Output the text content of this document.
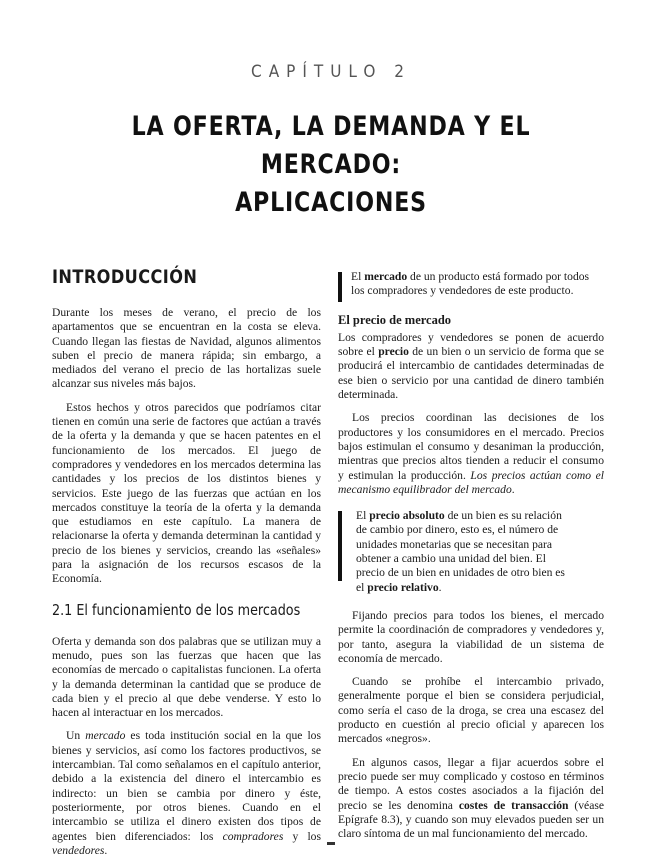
CAPÍTULO 2
LA OFERTA, LA DEMANDA Y EL MERCADO:
APLICACIONES
INTRODUCCIÓN

Durante los meses de verano, el precio de los apartamentos que se encuentran en la costa se eleva. Cuando llegan las fiestas de Navidad, algunos alimentos suben el precio de manera rápida; sin embargo, a mediados del verano el precio de las hortalizas suele alcanzar sus niveles más bajos.

Estos hechos y otros parecidos que podríamos citar tienen en común una serie de factores que actúan a través de la oferta y la demanda y que se hacen patentes en el funcionamiento de los mercados. El juego de compradores y vendedores en los mercados determina las cantidades y los precios de los distintos bienes y servicios. Este juego de las fuerzas que actúan en los mercados constituye la teoría de la oferta y la demanda que estudiamos en este capítulo. La manera de relacionarse la oferta y demanda determinan la cantidad y precio de los bienes y servicios, creando las «señales» para la asignación de los recursos escasos de la Economía.

2.1 El funcionamiento de los mercados

Oferta y demanda son dos palabras que se utilizan muy a menudo, pues son las fuerzas que hacen que las economías de mercado o capitalistas funcionen. La oferta y la demanda determinan la cantidad que se produce de cada bien y el precio al que debe venderse. Y esto lo hacen al interactuar en los mercados.

Un mercado es toda institución social en la que los bienes y servicios, así como los factores productivos, se intercambian. Tal como señalamos en el capítulo anterior, debido a la existencia del dinero el intercambio es indirecto: un bien se cambia por dinero y éste, posteriormente, por otros bienes. Cuando en el intercambio se utiliza el dinero existen dos tipos de agentes bien diferenciados: los compradores y los vendedores.

El mercado de un producto está formado por todos los compradores y vendedores de este producto.

El precio de mercado

Los compradores y vendedores se ponen de acuerdo sobre el precio de un bien o un servicio de forma que se producirá el intercambio de cantidades determinadas de ese bien o servicio por una cantidad de dinero también determinada.

Los precios coordinan las decisiones de los productores y los consumidores en el mercado. Precios bajos estimulan el consumo y desaniman la producción, mientras que precios altos tienden a reducir el consumo y estimulan la producción. Los precios actúan como el mecanismo equilibrador del mercado.

El precio absoluto de un bien es su relación de cambio por dinero, esto es, el número de unidades monetarias que se necesitan para obtener a cambio una unidad del bien. El precio de un bien en unidades de otro bien es el precio relativo.

Fijando precios para todos los bienes, el mercado permite la coordinación de compradores y vendedores y, por tanto, asegura la viabilidad de un sistema de economía de mercado.

Cuando se prohíbe el intercambio privado, generalmente porque el bien se considera perjudicial, como sería el caso de la droga, se crea una escasez del producto en cuestión al precio oficial y aparecen los mercados «negros».

En algunos casos, llegar a fijar acuerdos sobre el precio puede ser muy complicado y costoso en términos de tiempo. A estos costes asociados a la fijación del precio se les denomina costes de transacción (véase Epígrafe 8.3), y cuando son muy elevados pueden ser un claro síntoma de un mal funcionamiento del mercado.
